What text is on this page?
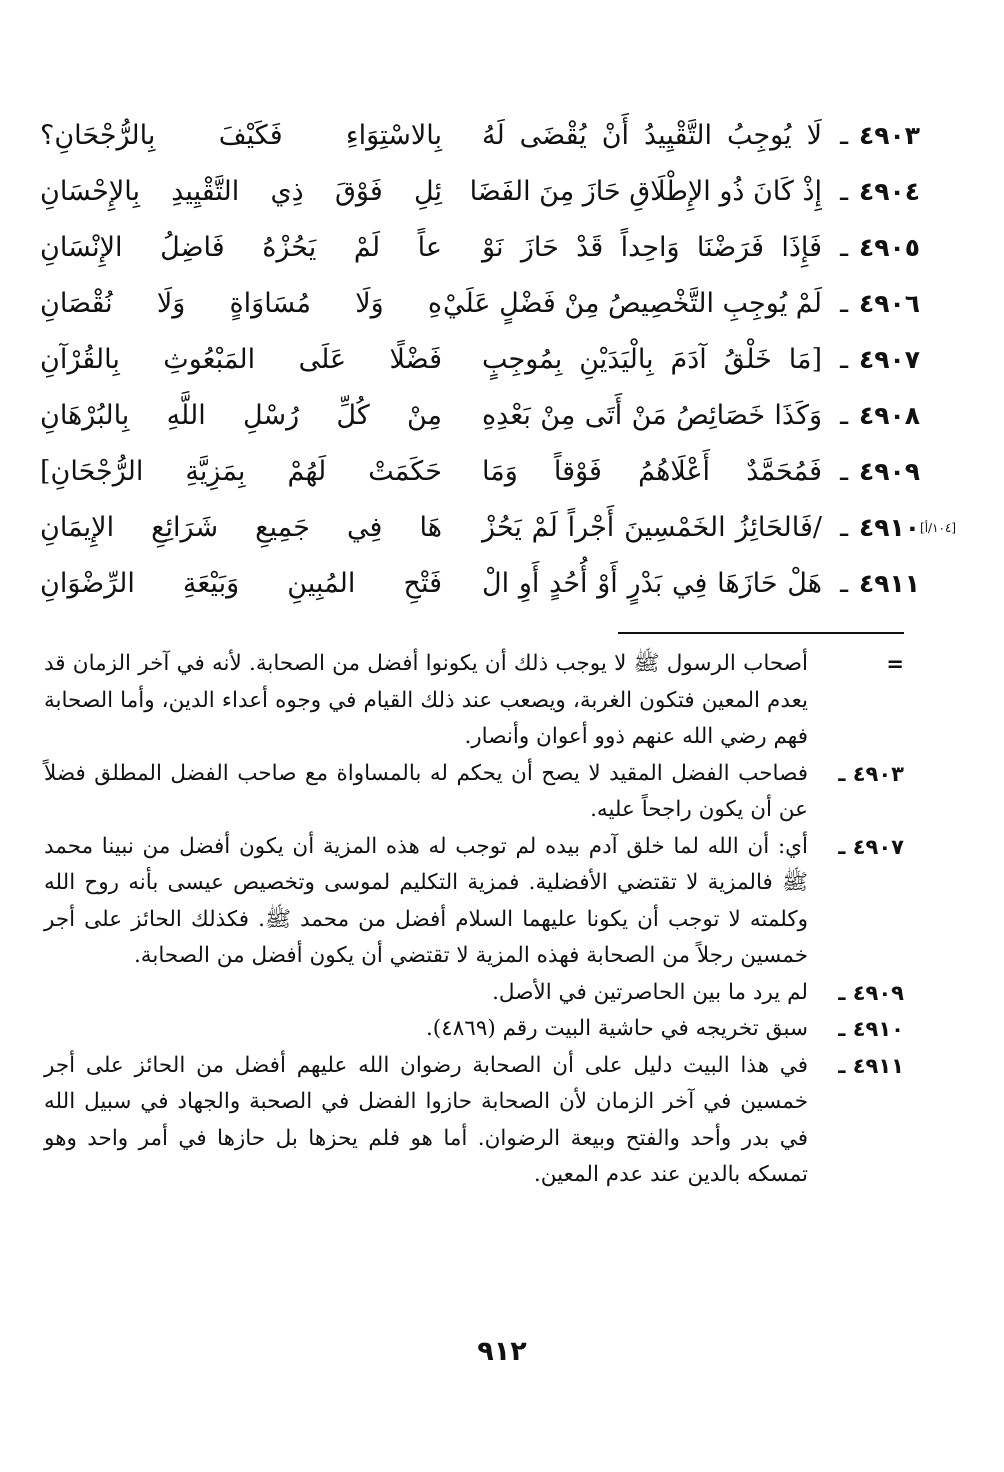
٤٩٠٣
ـ
لَا يُوجِبُ التَّقْيِيدُ أَنْ يُقْضَى لَهُ
بِالاسْتِوَاءِ فَكَيْفَ بِالرُّجْحَانِ؟
٤٩٠٤
ـ
إِذْ كَانَ ذُو الإِطْلَاقِ حَازَ مِنَ الفَضَا
ئِلِ فَوْقَ ذِي التَّقْيِيدِ بِالإِحْسَانِ
٤٩٠٥
ـ
فَإِذَا فَرَضْنَا وَاحِداً قَدْ حَازَ نَوْ
عاً لَمْ يَحُزْهُ فَاضِلُ الإِنْسَانِ
٤٩٠٦
ـ
لَمْ يُوجِبِ التَّخْصِيصُ مِنْ فَضْلٍ عَلَيْ
هِ وَلَا مُسَاوَاةٍ وَلَا نُقْصَانِ
٤٩٠٧
ـ
[مَا خَلْقُ آدَمَ بِالْيَدَيْنِ بِمُوجِبٍ
فَضْلًا عَلَى المَبْعُوثِ بِالقُرْآنِ
٤٩٠٨
ـ
وَكَذَا خَصَائِصُ مَنْ أَتَى مِنْ بَعْدِهِ
مِنْ كُلِّ رُسْلِ اللَّهِ بِالبُرْهَانِ
٤٩٠٩
ـ
فَمُحَمَّدٌ أَعْلَاهُمُ فَوْقاً وَمَا
حَكَمَتْ لَهُمْ بِمَزِيَّةِ الرُّجْحَانِ]
[١٠٤/أ]
٤٩١٠
ـ
/فَالحَائِزُ الخَمْسِينَ أَجْراً لَمْ يَحُزْ
هَا فِي جَمِيعِ شَرَائِعِ الإِيمَانِ
٤٩١١
ـ
هَلْ حَازَهَا فِي بَدْرٍ أَوْ أُحُدٍ أَوِ الْ
فَتْحِ المُبِينِ وَبَيْعَةِ الرِّضْوَانِ
=
أصحاب الرسول ﷺ لا يوجب ذلك أن يكونوا أفضل من الصحابة. لأنه في آخر الزمان قد يعدم المعين فتكون الغربة، ويصعب عند ذلك القيام في وجوه أعداء الدين، وأما الصحابة فهم رضي الله عنهم ذوو أعوان وأنصار.
٤٩٠٣ ـ
فصاحب الفضل المقيد لا يصح أن يحكم له بالمساواة مع صاحب الفضل المطلق فضلاً عن أن يكون راجحاً عليه.
٤٩٠٧ ـ
أي: أن الله لما خلق آدم بيده لم توجب له هذه المزية أن يكون أفضل من نبينا محمد ﷺ فالمزية لا تقتضي الأفضلية. فمزية التكليم لموسى وتخصيص عيسى بأنه روح الله وكلمته لا توجب أن يكونا عليهما السلام أفضل من محمد ﷺ. فكذلك الحائز على أجر خمسين رجلاً من الصحابة فهذه المزية لا تقتضي أن يكون أفضل من الصحابة.
٤٩٠٩ ـ
لم يرد ما بين الحاصرتين في الأصل.
٤٩١٠ ـ
سبق تخريجه في حاشية البيت رقم (٤٨٦٩).
٤٩١١ ـ
في هذا البيت دليل على أن الصحابة رضوان الله عليهم أفضل من الحائز على أجر خمسين في آخر الزمان لأن الصحابة حازوا الفضل في الصحبة والجهاد في سبيل الله في بدر وأحد والفتح وبيعة الرضوان. أما هو فلم يحزها بل حازها في أمر واحد وهو تمسكه بالدين عند عدم المعين.
٩١٢
